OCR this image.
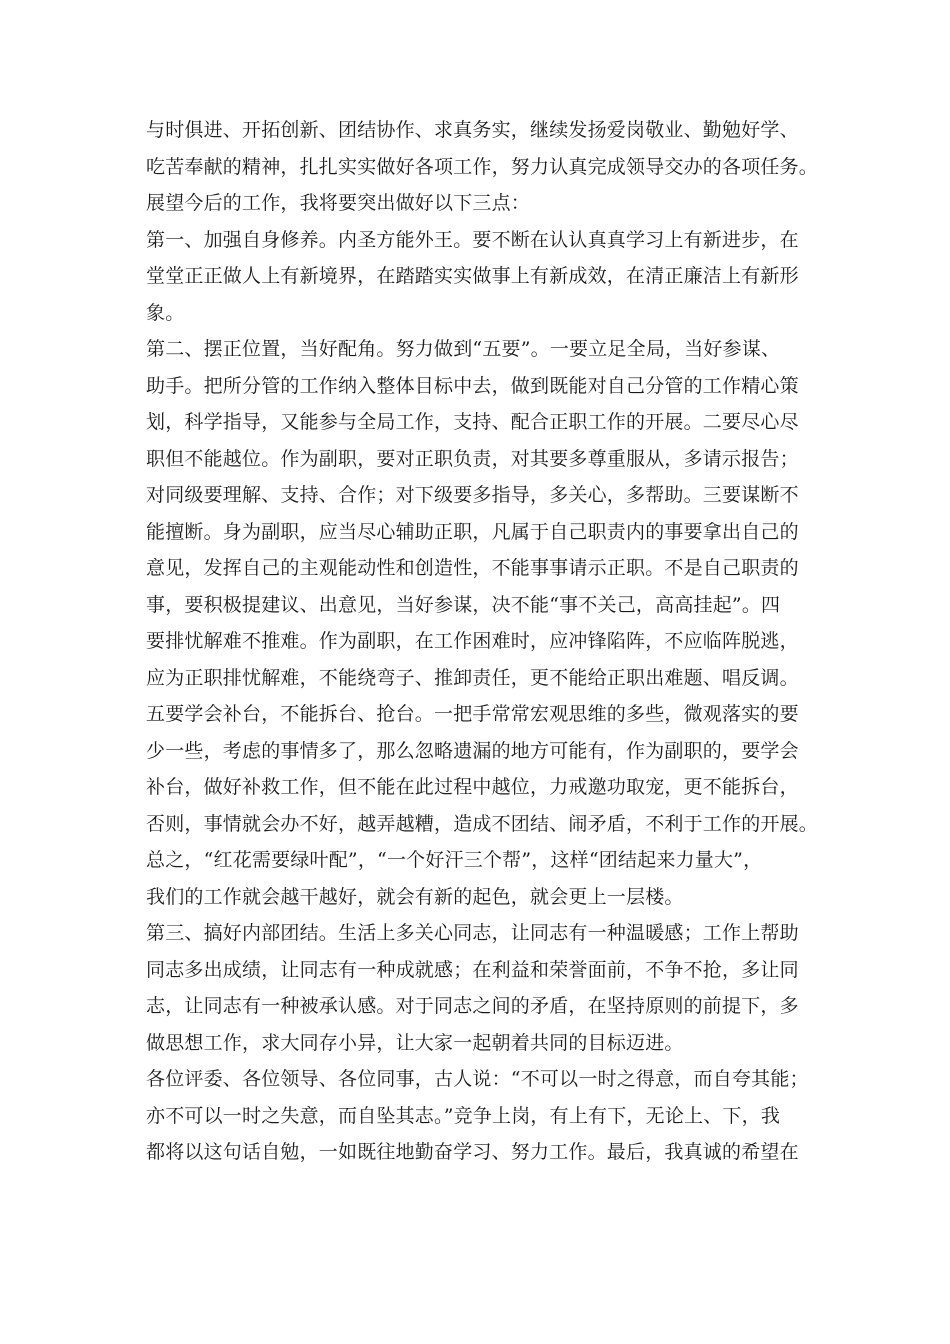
与时俱进、开拓创新、团结协作、求真务实，继续发扬爱岗敬业、勤勉好学、
吃苦奉献的精神，扎扎实实做好各项工作，努力认真完成领导交办的各项任务。
展望今后的工作，我将要突出做好以下三点：
第一、加强自身修养。内圣方能外王。要不断在认认真真学习上有新进步，在
堂堂正正做人上有新境界，在踏踏实实做事上有新成效，在清正廉洁上有新形
象。
第二、摆正位置，当好配角。努力做到“五要”。一要立足全局，当好参谋、
助手。把所分管的工作纳入整体目标中去，做到既能对自己分管的工作精心策
划，科学指导，又能参与全局工作，支持、配合正职工作的开展。二要尽心尽
职但不能越位。作为副职，要对正职负责，对其要多尊重服从，多请示报告；
对同级要理解、支持、合作；对下级要多指导，多关心，多帮助。三要谋断不
能擅断。身为副职，应当尽心辅助正职，凡属于自己职责内的事要拿出自己的
意见，发挥自己的主观能动性和创造性，不能事事请示正职。不是自己职责的
事，要积极提建议、出意见，当好参谋，决不能“事不关己，高高挂起”。四
要排忧解难不推难。作为副职，在工作困难时，应冲锋陷阵，不应临阵脱逃，
应为正职排忧解难，不能绕弯子、推卸责任，更不能给正职出难题、唱反调。
五要学会补台，不能拆台、抢台。一把手常常宏观思维的多些，微观落实的要
少一些，考虑的事情多了，那么忽略遗漏的地方可能有，作为副职的，要学会
补台，做好补救工作，但不能在此过程中越位，力戒邀功取宠，更不能拆台，
否则，事情就会办不好，越弄越糟，造成不团结、闹矛盾，不利于工作的开展。
总之，“红花需要绿叶配”，“一个好汗三个帮”，这样“团结起来力量大”，
我们的工作就会越干越好，就会有新的起色，就会更上一层楼。
第三、搞好内部团结。生活上多关心同志，让同志有一种温暖感；工作上帮助
同志多出成绩，让同志有一种成就感；在利益和荣誉面前，不争不抢，多让同
志，让同志有一种被承认感。对于同志之间的矛盾，在坚持原则的前提下，多
做思想工作，求大同存小异，让大家一起朝着共同的目标迈进。
各位评委、各位领导、各位同事，古人说：“不可以一时之得意，而自夸其能；
亦不可以一时之失意，而自坠其志。”竞争上岗，有上有下，无论上、下，我
都将以这句话自勉，一如既往地勤奋学习、努力工作。最后，我真诚的希望在
